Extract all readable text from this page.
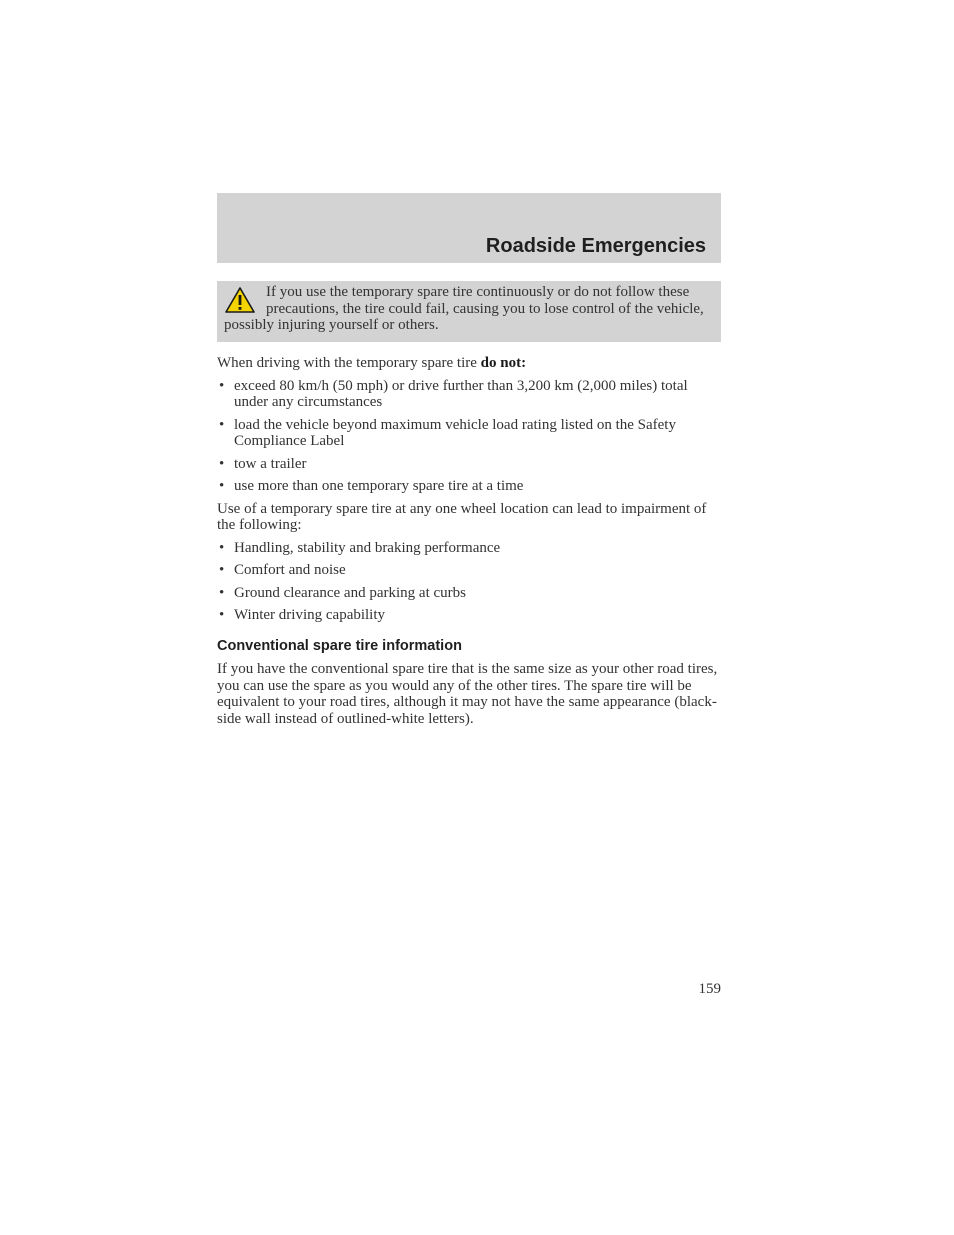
Roadside Emergencies
If you use the temporary spare tire continuously or do not follow these precautions, the tire could fail, causing you to lose control of the vehicle, possibly injuring yourself or others.

When driving with the temporary spare tire do not:

• exceed 80 km/h (50 mph) or drive further than 3,200 km (2,000 miles) total under any circumstances
• load the vehicle beyond maximum vehicle load rating listed on the Safety Compliance Label
• tow a trailer
• use more than one temporary spare tire at a time

Use of a temporary spare tire at any one wheel location can lead to impairment of the following:

• Handling, stability and braking performance
• Comfort and noise
• Ground clearance and parking at curbs
• Winter driving capability

Conventional spare tire information

If you have the conventional spare tire that is the same size as your other road tires, you can use the spare as you would any of the other tires. The spare tire will be equivalent to your road tires, although it may not have the same appearance (black-side wall instead of outlined-white letters).

159
